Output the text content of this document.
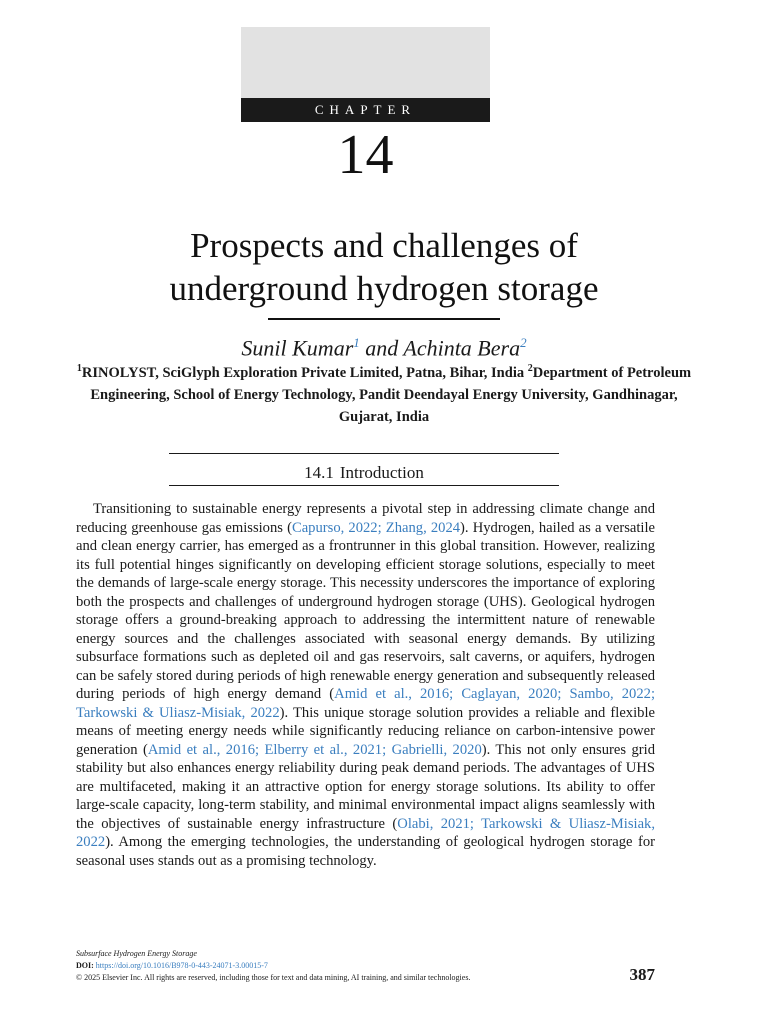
CHAPTER
14
Prospects and challenges of
underground hydrogen storage
Sunil Kumar$^1$ and Achinta Bera$^2$
$^1$RINOLYST, SciGlyph Exploration Private Limited, Patna, Bihar, India $^2$Department of Petroleum Engineering, School of Energy Technology, Pandit Deendayal Energy University, Gandhinagar, Gujarat, India
14.1 Introduction

Transitioning to sustainable energy represents a pivotal step in addressing climate change and reducing greenhouse gas emissions (Capurso, 2022; Zhang, 2024). Hydrogen, hailed as a versatile and clean energy carrier, has emerged as a frontrunner in this global transition. However, realizing its full potential hinges significantly on developing efficient storage solutions, especially to meet the demands of large-scale energy storage. This necessity underscores the importance of exploring both the prospects and challenges of underground hydrogen storage (UHS). Geological hydrogen storage offers a ground-breaking approach to addressing the intermittent nature of renewable energy sources and the challenges associated with seasonal energy demands. By utilizing subsurface formations such as depleted oil and gas reservoirs, salt caverns, or aquifers, hydrogen can be safely stored during periods of high renewable energy generation and subsequently released during periods of high energy demand (Amid et al., 2016; Caglayan, 2020; Sambo, 2022; Tarkowski & Uliasz-Misiak, 2022). This unique storage solution provides a reliable and flexible means of meeting energy needs while significantly reducing reliance on carbon-intensive power generation (Amid et al., 2016; Elberry et al., 2021; Gabrielli, 2020). This not only ensures grid stability but also enhances energy reliability during peak demand periods. The advantages of UHS are multifaceted, making it an attractive option for energy storage solutions. Its ability to offer large-scale capacity, long-term stability, and minimal environmental impact aligns seamlessly with the objectives of sustainable energy infrastructure (Olabi, 2021; Tarkowski & Uliasz-Misiak, 2022). Among the emerging technologies, the understanding of geological hydrogen storage for seasonal uses stands out as a promising technology.

Subsurface Hydrogen Energy Storage
DOI: https://doi.org/10.1016/B978-0-443-24071-3.00015-7
© 2025 Elsevier Inc. All rights are reserved, including those for text and data mining, AI training, and similar technologies.	387
